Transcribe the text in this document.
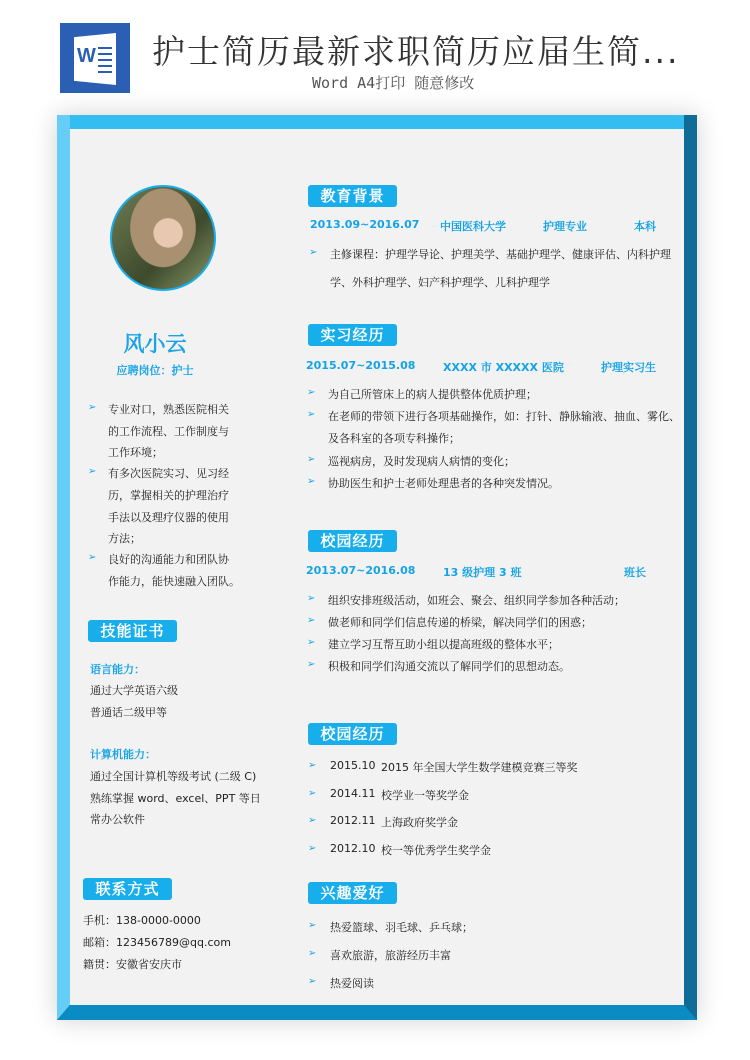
W 护士简历最新求职简历应届生简...
Word A4打印 随意修改
风小云
应聘岗位：护士
➢ 专业对口，熟悉医院相关
的工作流程、工作制度与
工作环境；
➢ 有多次医院实习、见习经
历，掌握相关的护理治疗
手法以及理疗仪器的使用
方法；
➢ 良好的沟通能力和团队协
作能力，能快速融入团队。
技能证书
语言能力：
通过大学英语六级
普通话二级甲等
计算机能力：
通过全国计算机等级考试 (二级 C)
熟练掌握 word、excel、PPT 等日
常办公软件
联系方式
手机：138-0000-0000
邮箱：123456789@qq.com
籍贯：安徽省安庆市
教育背景
2013.09~2016.07 中国医科大学	护理专业	本科
➢ 主修课程：护理学导论、护理美学、基础护理学、健康评估、内科护理
学、外科护理学、妇产科护理学、儿科护理学
实习经历
2015.07~2015.08	XXXX 市 XXXXX 医院	护理实习生
➢ 为自己所管床上的病人提供整体优质护理；
➢ 在老师的带领下进行各项基础操作，如：打针、静脉输液、抽血、雾化、
及各科室的各项专科操作；
➢ 巡视病房，及时发现病人病情的变化；
➢ 协助医生和护士老师处理患者的各种突发情况。
校园经历
2013.07~2016.08	13 级护理 3 班	班长
➢ 组织安排班级活动，如班会、聚会、组织同学参加各种活动；
➢ 做老师和同学们信息传递的桥梁，解决同学们的困惑；
➢ 建立学习互帮互助小组以提高班级的整体水平；
➢ 积极和同学们沟通交流以了解同学们的思想动态。
校园经历
➢ 2015.10 2015 年全国大学生数学建模竞赛三等奖
➢ 2014.11 校学业一等奖学金
➢ 2012.11 上海政府奖学金
➢ 2012.10 校一等优秀学生奖学金
兴趣爱好
➢ 热爱篮球、羽毛球、乒乓球；
➢ 喜欢旅游，旅游经历丰富
➢ 热爱阅读
